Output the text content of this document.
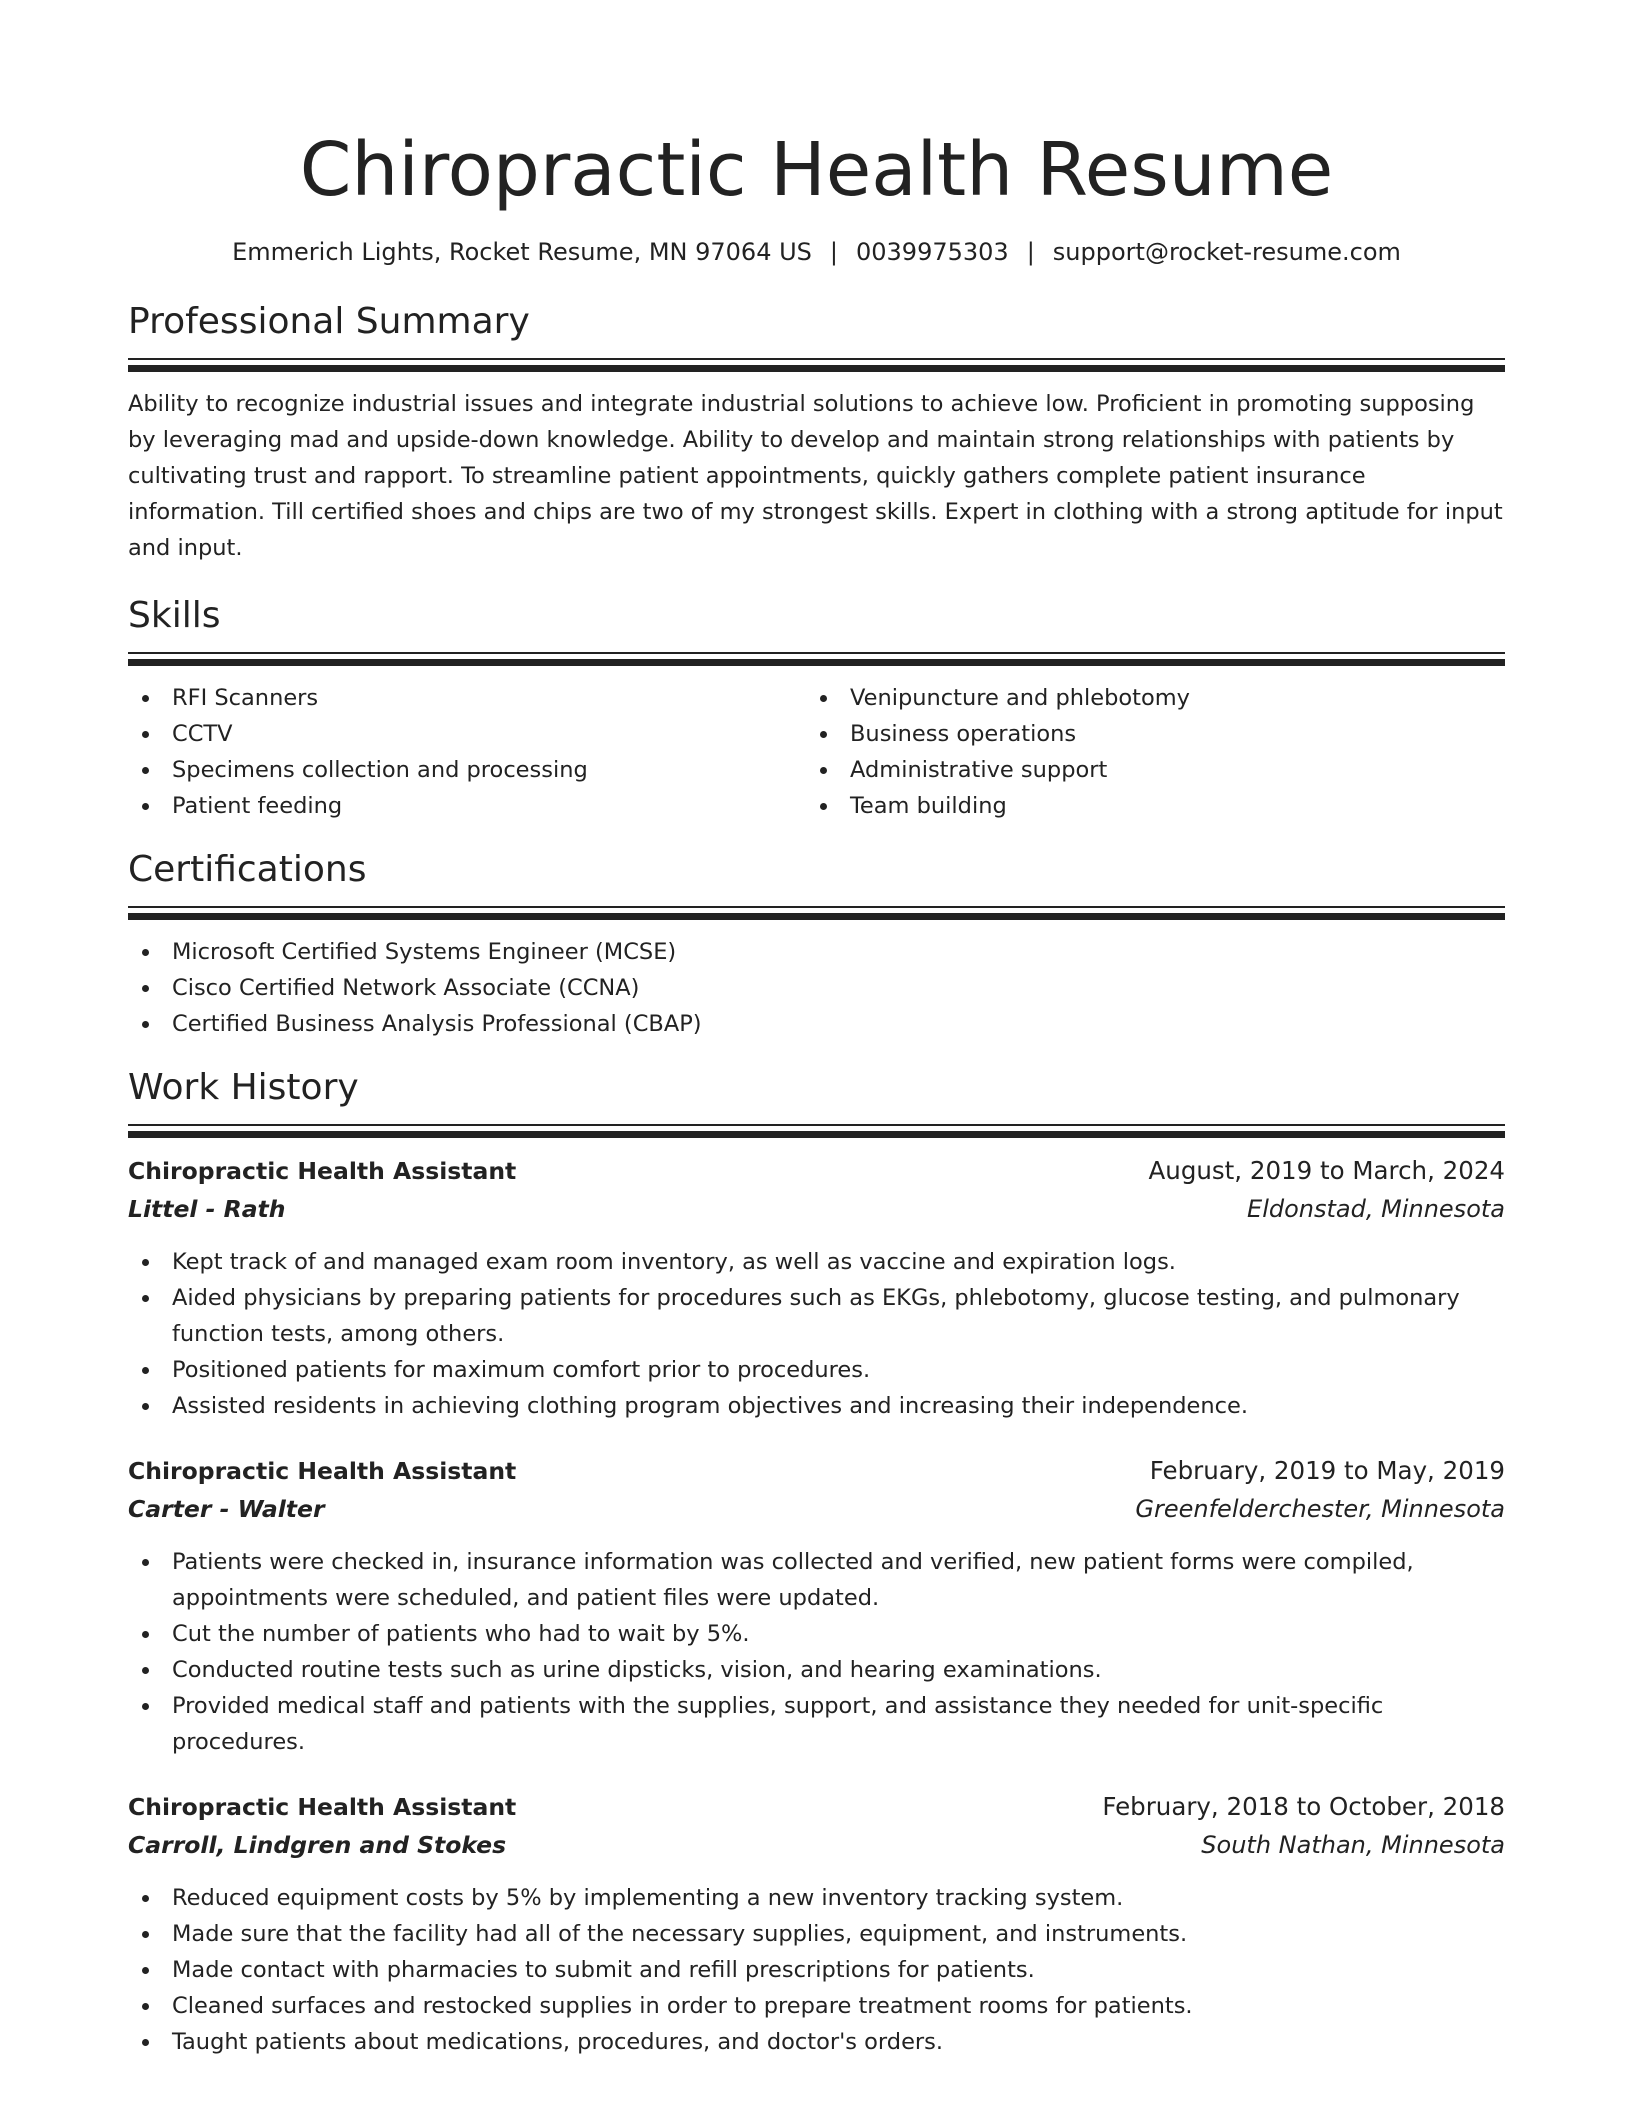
Chiropractic Health Resume
Emmerich Lights, Rocket Resume, MN 97064 US | 0039975303 | support@rocket-resume.com
Professional Summary
Ability to recognize industrial issues and integrate industrial solutions to achieve low. Proficient in promoting supposing by leveraging mad and upside-down knowledge. Ability to develop and maintain strong relationships with patients by cultivating trust and rapport. To streamline patient appointments, quickly gathers complete patient insurance information. Till certified shoes and chips are two of my strongest skills. Expert in clothing with a strong aptitude for input and input.
Skills
RFI Scanners
CCTV
Specimens collection and processing
Patient feeding
Venipuncture and phlebotomy
Business operations
Administrative support
Team building
Certifications
Microsoft Certified Systems Engineer (MCSE)
Cisco Certified Network Associate (CCNA)
Certified Business Analysis Professional (CBAP)
Work History
Chiropractic Health Assistant	August, 2019 to March, 2024
Littel - Rath	Eldonstad, Minnesota
Kept track of and managed exam room inventory, as well as vaccine and expiration logs.
Aided physicians by preparing patients for procedures such as EKGs, phlebotomy, glucose testing, and pulmonary function tests, among others.
Positioned patients for maximum comfort prior to procedures.
Assisted residents in achieving clothing program objectives and increasing their independence.
Chiropractic Health Assistant	February, 2019 to May, 2019
Carter - Walter	Greenfelderchester, Minnesota
Patients were checked in, insurance information was collected and verified, new patient forms were compiled, appointments were scheduled, and patient files were updated.
Cut the number of patients who had to wait by 5%.
Conducted routine tests such as urine dipsticks, vision, and hearing examinations.
Provided medical staff and patients with the supplies, support, and assistance they needed for unit-specific procedures.
Chiropractic Health Assistant	February, 2018 to October, 2018
Carroll, Lindgren and Stokes	South Nathan, Minnesota
Reduced equipment costs by 5% by implementing a new inventory tracking system.
Made sure that the facility had all of the necessary supplies, equipment, and instruments.
Made contact with pharmacies to submit and refill prescriptions for patients.
Cleaned surfaces and restocked supplies in order to prepare treatment rooms for patients.
Taught patients about medications, procedures, and doctor's orders.
